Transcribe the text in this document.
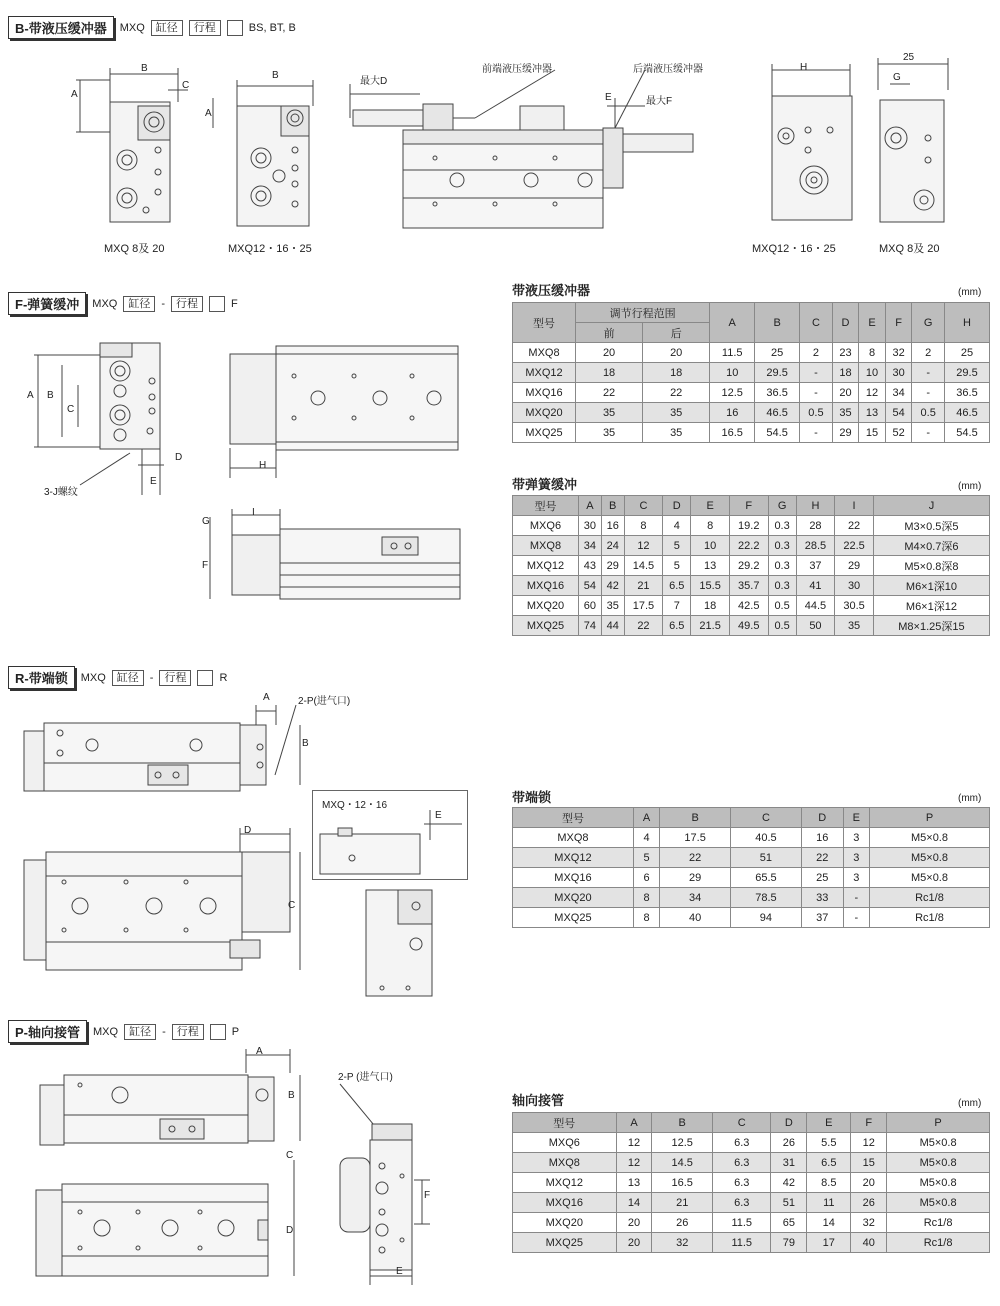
B-带液压缓冲器	MXQ	缸径	行程	BS, BT, B
F-弹簧缓冲	MXQ	缸径	-	行程	F
R-带端锁	MXQ	缸径	-	行程	R
P-轴向接管	MXQ	缸径	-	行程	P
B
C
A
MXQ 8及 20
B
A
MXQ12・16・25
最大D
前端液压缓冲器	后端液压缓冲器
E	最大F
H
MXQ12・16・25
25
G
MXQ 8及 20
A B
C
D
E
3-J螺纹
H
G
I
F
A	2-P(进气口)
B
D
C
MXQ・12・16
E
A
B
C
D
2-P (进气口)
F
E
带液压缓冲器	(mm)
型号	调节行程范围		A	B	C	D	E	F	G	H
	前	后								
MXQ8	20	20	11.5	25	2	23	8	32	2	25
MXQ12	18	18	10	29.5	-	18	10	30	-	29.5
MXQ16	22	22	12.5	36.5	-	20	12	34	-	36.5
MXQ20	35	35	16	46.5	0.5	35	13	54	0.5	46.5
MXQ25	35	35	16.5	54.5	-	29	15	52	-	54.5
带弹簧缓冲	(mm)
型号	A	B	C	D	E	F	G	H	I	J
MXQ6	30	16	8	4	8	19.2	0.3	28	22	M3×0.5深5
MXQ8	34	24	12	5	10	22.2	0.3	28.5	22.5	M4×0.7深6
MXQ12	43	29	14.5	5	13	29.2	0.3	37	29	M5×0.8深8
MXQ16	54	42	21	6.5	15.5	35.7	0.3	41	30	M6×1深10
MXQ20	60	35	17.5	7	18	42.5	0.5	44.5	30.5	M6×1深12
MXQ25	74	44	22	6.5	21.5	49.5	0.5	50	35	M8×1.25深15
带端锁	(mm)
型号	A	B	C	D	E	P
MXQ8	4	17.5	40.5	16	3	M5×0.8
MXQ12	5	22	51	22	3	M5×0.8
MXQ16	6	29	65.5	25	3	M5×0.8
MXQ20	8	34	78.5	33	-	Rc1/8
MXQ25	8	40	94	37	-	Rc1/8
轴向接管	(mm)
型号	A	B	C	D	E	F	P
MXQ6	12	12.5	6.3	26	5.5	12	M5×0.8
MXQ8	12	14.5	6.3	31	6.5	15	M5×0.8
MXQ12	13	16.5	6.3	42	8.5	20	M5×0.8
MXQ16	14	21	6.3	51	11	26	M5×0.8
MXQ20	20	26	11.5	65	14	32	Rc1/8
MXQ25	20	32	11.5	79	17	40	Rc1/8
